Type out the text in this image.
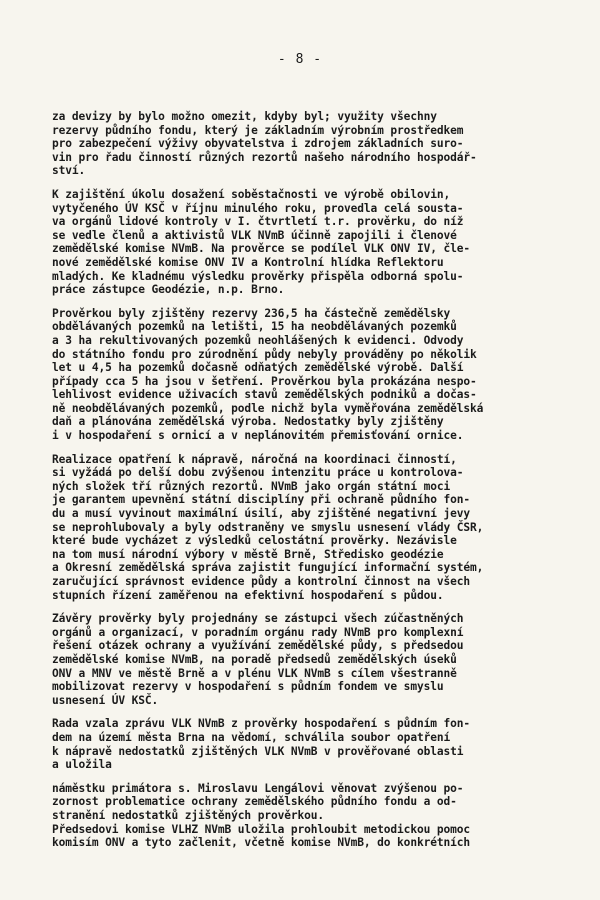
- 8 -
za devizy by bylo možno omezit, kdyby byl; využity všechny
rezervy půdního fondu, který je základním výrobním prostředkem
pro zabezpečení výživy obyvatelstva i zdrojem základních suro-
vin pro řadu činností různých rezortů našeho národního hospodář-
ství.
K zajištění úkolu dosažení soběstačnosti ve výrobě obilovin,
vytyčeného ÚV KSČ v říjnu minulého roku, provedla celá sousta-
va orgánů lidové kontroly v I. čtvrtletí t.r. prověrku, do níž
se vedle členů a aktivistů VLK NVmB účinně zapojili i členové
zemědělské komise NVmB. Na prověrce se podílel VLK ONV IV, čle-
nové zemědělské komise ONV IV a Kontrolní hlídka Reflektoru
mladých. Ke kladnému výsledku prověrky přispěla odborná spolu-
práce zástupce Geodézie, n.p. Brno.
Prověrkou byly zjištěny rezervy 236,5 ha částečně zemědělsky
obdělávaných pozemků na letišti, 15 ha neobdělávaných pozemků
a 3 ha rekultivovaných pozemků neohlášených k evidenci. Odvody
do státního fondu pro zúrodnění půdy nebyly prováděny po několik
let u 4,5 ha pozemků dočasně odňatých zemědělské výrobě. Další
případy cca 5 ha jsou v šetření. Prověrkou byla prokázána nespo-
lehlivost evidence uživacích stavů zemědělských podniků a dočas-
ně neobdělávaných pozemků, podle nichž byla vyměřována zemědělská
daň a plánována zemědělská výroba. Nedostatky byly zjištěny
i v hospodaření s ornicí a v neplánovitém přemisťování ornice.
Realizace opatření k nápravě, náročná na koordinaci činností,
si vyžádá po delší dobu zvýšenou intenzitu práce u kontrolova-
ných složek tří různých rezortů. NVmB jako orgán státní moci
je garantem upevnění státní disciplíny při ochraně půdního fon-
du a musí vyvinout maximální úsilí, aby zjištěné negativní jevy
se neprohlubovaly a byly odstraněny ve smyslu usnesení vlády ČSR,
které bude vycházet z výsledků celostátní prověrky. Nezávisle
na tom musí národní výbory v městě Brně, Středisko geodézie
a Okresní zemědělská správa zajistit fungující informační systém,
zaručující správnost evidence půdy a kontrolní činnost na všech
stupních řízení zaměřenou na efektivní hospodaření s půdou.
Závěry prověrky byly projednány se zástupci všech zúčastněných
orgánů a organizací, v poradním orgánu rady NVmB pro komplexní
řešení otázek ochrany a využívání zemědělské půdy, s předsedou
zemědělské komise NVmB, na poradě předsedů zemědělských úseků
ONV a MNV ve městě Brně a v plénu VLK NVmB s cílem všestranně
mobilizovat rezervy v hospodaření s půdním fondem ve smyslu
usnesení ÚV KSČ.
Rada vzala zprávu VLK NVmB z prověrky hospodaření s půdním fon-
dem na území města Brna na vědomí, schválila soubor opatření
k nápravě nedostatků zjištěných VLK NVmB v prověřované oblasti
a uložila
náměstku primátora s. Miroslavu Lengálovi věnovat zvýšenou po-
zornost problematice ochrany zemědělského půdního fondu a od-
stranění nedostatků zjištěných prověrkou.
Předsedovi komise VLHZ NVmB uložila prohloubit metodickou pomoc
komisím ONV a tyto začlenit, včetně komise NVmB, do konkrétních
